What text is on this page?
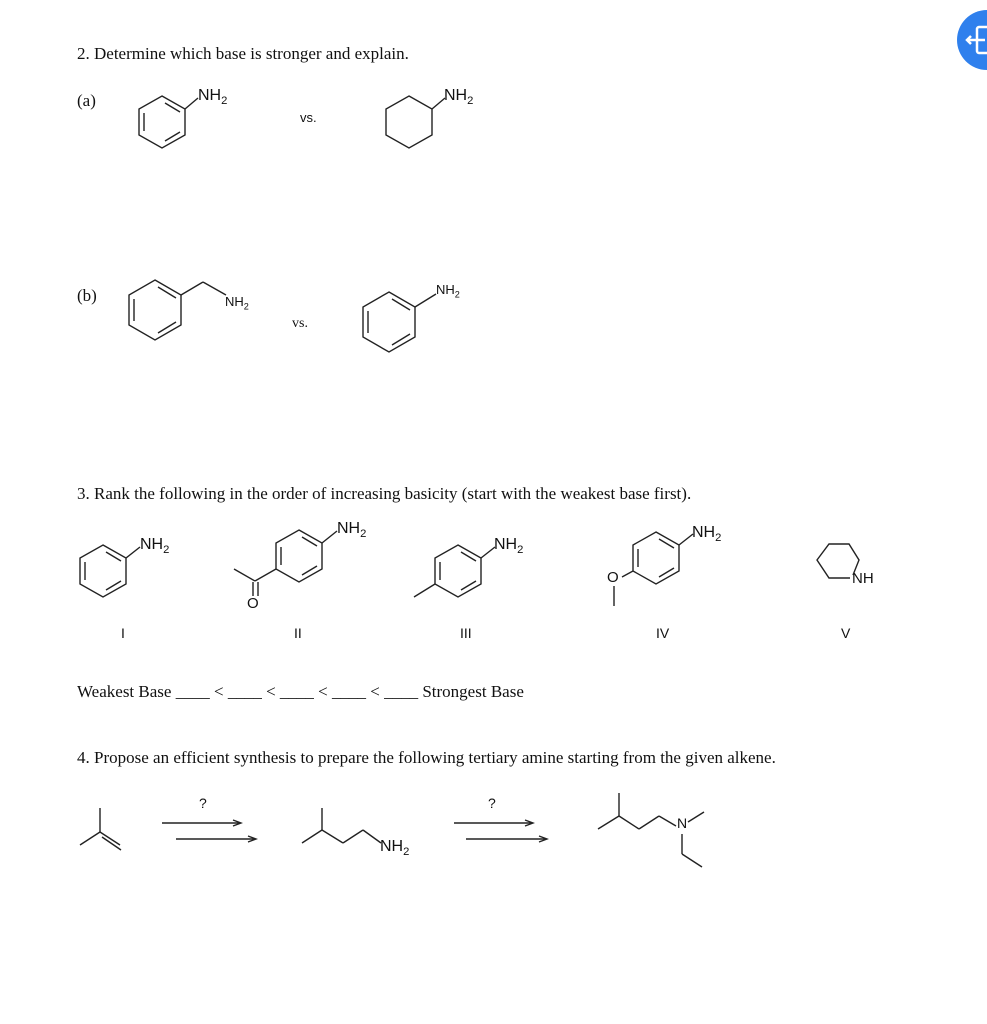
2. Determine which base is stronger and explain.
(a)	$NH_2$
vs.
$NH_2$
(b)	$NH_2$
vs.
$NH_2$
3. Rank the following in the order of increasing basicity (start with the weakest base first).
$NH_2$
$NH_2$
O
$NH_2$
$NH_2$
O	NH
I	II	III	IV	V
Weakest Base ____ < ____ < ____ < ____ < ____ Strongest Base
4. Propose an efficient synthesis to prepare the following tertiary amine starting from the given alkene.
?	?
$NH_2$
N
